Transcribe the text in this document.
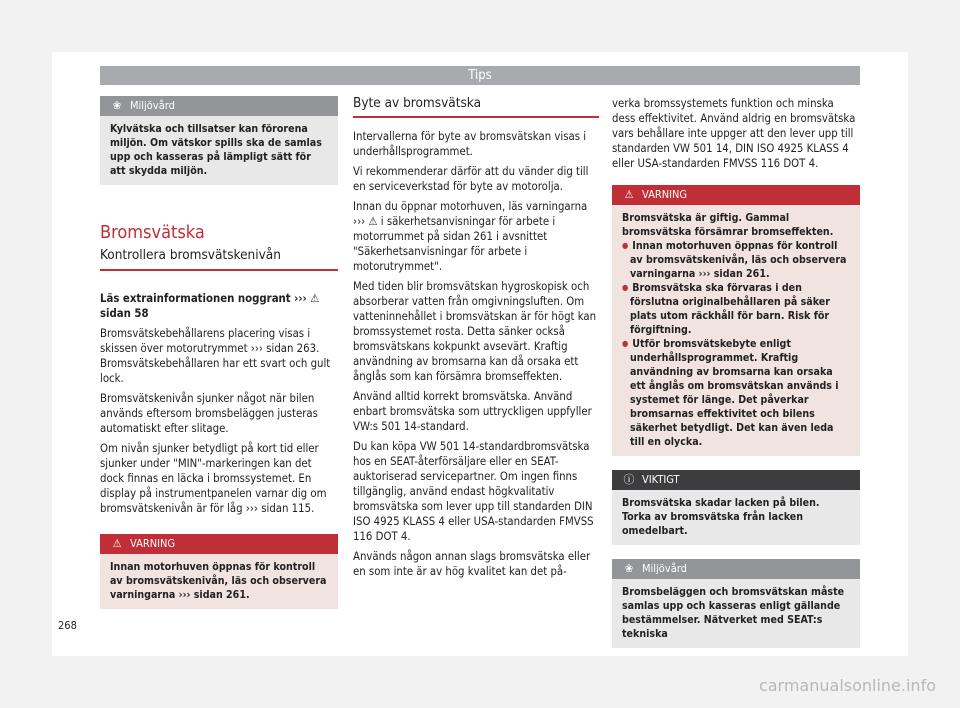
Tips
❀ Miljövård
Kylvätska och tillsatser kan förorena miljön. Om vätskor spills ska de samlas upp och kasseras på lämpligt sätt för att skydda miljön.
Bromsvätska
Kontrollera bromsvätskenivån

Läs extrainformationen noggrant ››› ⚠ sidan 58

Bromsvätskebehållarens placering visas i skissen över motorutrymmet ››› sidan 263. Bromsvätskebehållaren har ett svart och gult lock.

Bromsvätskenivån sjunker något när bilen används eftersom bromsbeläggen justeras automatiskt efter slitage.

Om nivån sjunker betydligt på kort tid eller sjunker under "MIN"-markeringen kan det dock finnas en läcka i bromssystemet. En display på instrumentpanelen varnar dig om bromsvätskenivån är för låg ››› sidan 115.

⚠ VARNING
Innan motorhuven öppnas för kontroll av bromsvätskenivån, läs och observera varningarna ››› sidan 261.
Byte av bromsvätska

Intervallerna för byte av bromsvätskan visas i underhållsprogrammet.

Vi rekommenderar därför att du vänder dig till en serviceverkstad för byte av motorolja.

Innan du öppnar motorhuven, läs varningarna ››› ⚠ i säkerhetsanvisningar för arbete i motorrummet på sidan 261 i avsnittet "Säkerhetsanvisningar för arbete i motorutrymmet".

Med tiden blir bromsvätskan hygroskopisk och absorberar vatten från omgivningsluften. Om vatteninnehållet i bromsvätskan är för högt kan bromssystemet rosta. Detta sänker också bromsvätskans kokpunkt avsevärt. Kraftig användning av bromsarna kan då orsaka ett ånglås som kan försämra bromseffekten.

Använd alltid korrekt bromsvätska. Använd enbart bromsvätska som uttryckligen uppfyller VW:s 501 14-standard.

Du kan köpa VW 501 14-standardbromsvätska hos en SEAT-återförsäljare eller en SEAT-auktoriserad servicepartner. Om ingen finns tillgänglig, använd endast högkvalitativ bromsvätska som lever upp till standarden DIN ISO 4925 KLASS 4 eller USA-standarden FMVSS 116 DOT 4.

Används någon annan slags bromsvätska eller en som inte är av hög kvalitet kan det på-

verka bromssystemets funktion och minska dess effektivitet. Använd aldrig en bromsvätska vars behållare inte uppger att den lever upp till standarden VW 501 14, DIN ISO 4925 KLASS 4 eller USA-standarden FMVSS 116 DOT 4.

⚠ VARNING
Bromsvätska är giftig. Gammal bromsvätska försämrar bromseffekten.
● Innan motorhuven öppnas för kontroll av bromsvätskenivån, läs och observera varningarna ››› sidan 261.
● Bromsvätska ska förvaras i den förslutna originalbehållaren på säker plats utom räckhåll för barn. Risk för förgiftning.
● Utför bromsvätskebyte enligt underhållsprogrammet. Kraftig användning av bromsarna kan orsaka ett ånglås om bromsvätskan används i systemet för länge. Det påverkar bromsarnas effektivitet och bilens säkerhet betydligt. Det kan även leda till en olycka.
ⓘ VIKTIGT
Bromsvätska skadar lacken på bilen. Torka av bromsvätska från lacken omedelbart.
❀ Miljövård
Bromsbeläggen och bromsvätskan måste samlas upp och kasseras enligt gällande bestämmelser. Nätverket med SEAT:s tekniska
268
carmanualsonline.info
